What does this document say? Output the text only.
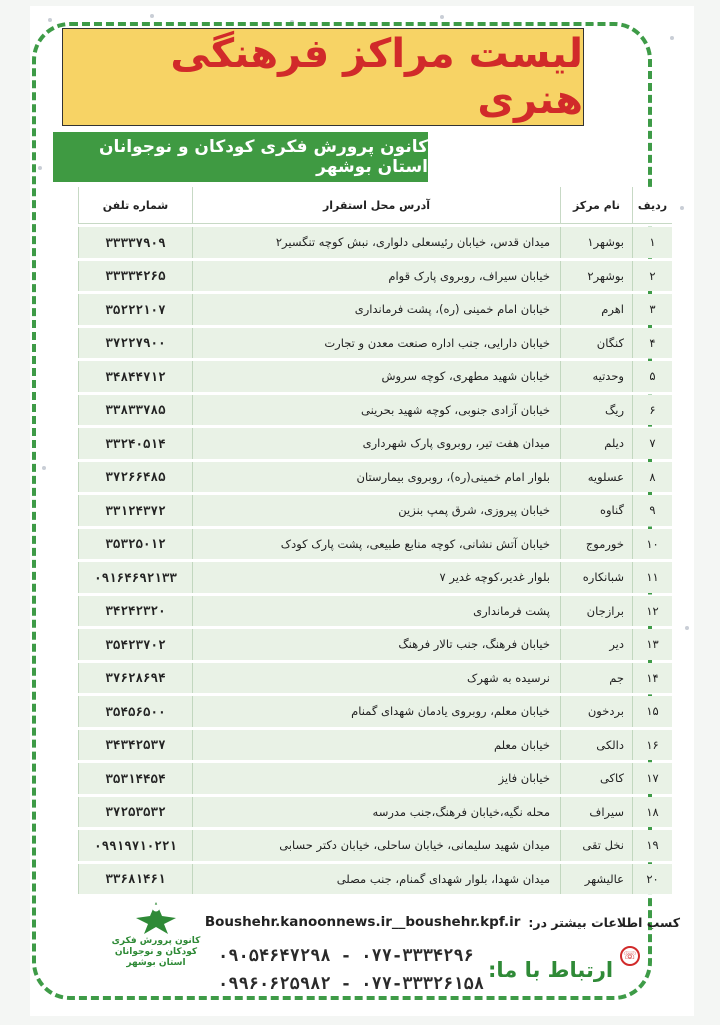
لیست مراکز فرهنگی هنری
کانون پرورش فکری کودکان و نوجوانان استان بوشهر
ردیف	نام مرکز	آدرس محل استقرار	شماره تلفن
۱	بوشهر۱	میدان قدس، خیابان رئیسعلی دلواری، نبش کوچه تنگسیر۲	۳۳۳۳۷۹۰۹
۲	بوشهر۲	خیابان سیراف، روبروی پارک قوام	۳۳۳۳۴۲۶۵
۳	اهرم	خیابان امام خمینی (ره)، پشت فرمانداری	۳۵۲۲۲۱۰۷
۴	کنگان	خیابان دارایی، جنب اداره صنعت معدن و تجارت	۳۷۲۲۷۹۰۰
۵	وحدتیه	خیابان شهید مطهری، کوچه سروش	۳۴۸۴۴۷۱۲
۶	ریگ	خیابان آزادی جنوبی، کوچه شهید بحرینی	۳۳۸۳۳۷۸۵
۷	دیلم	میدان هفت تیر، روبروی پارک شهرداری	۳۳۲۴۰۵۱۴
۸	عسلویه	بلوار امام خمینی(ره)، روبروی بیمارستان	۳۷۲۶۶۴۸۵
۹	گناوه	خیابان پیروزی، شرق پمپ بنزین	۳۳۱۲۴۳۷۲
۱۰	خورموج	خیابان آتش نشانی، کوچه منابع طبیعی، پشت پارک کودک	۳۵۳۲۵۰۱۲
۱۱	شبانکاره	بلوار غدیر،کوچه غدیر ۷	۰۹۱۶۴۶۹۲۱۳۳
۱۲	برازجان	پشت فرمانداری	۳۴۲۴۲۳۲۰
۱۳	دیر	خیابان فرهنگ، جنب تالار فرهنگ	۳۵۴۲۳۷۰۲
۱۴	جم	نرسیده به شهرک	۳۷۶۲۸۶۹۴
۱۵	بردخون	خیابان معلم، روبروی یادمان شهدای گمنام	۳۵۴۵۶۵۰۰
۱۶	دالکی	خیابان معلم	۳۴۳۴۲۵۳۷
۱۷	کاکی	خیابان فایز	۳۵۳۱۴۴۵۴
۱۸	سیراف	محله نگیه،خیابان فرهنگ،جنب مدرسه	۳۷۲۵۳۵۳۲
۱۹	نخل تقی	میدان شهید سلیمانی، خیابان ساحلی، خیابان دکتر حسابی	۰۹۹۱۹۷۱۰۲۲۱
۲۰	عالیشهر	میدان شهدا، بلوار شهدای گمنام، جنب مصلی	۳۳۶۸۱۴۶۱
کسب اطلاعات بیشتر در:
Boushehr.kanoonnews.ir__boushehr.kpf.ir
کانون پرورش فکری
کودکان و نوجوانان
استان بوشهر
☏
ارتباط با ما:
۰۹۰۵۴۶۴۷۲۹۸ - ۰۷۷-۳۳۳۴۲۹۶
۰۹۹۶۰۶۲۵۹۸۲ - ۰۷۷-۳۳۳۲۶۱۵۸
